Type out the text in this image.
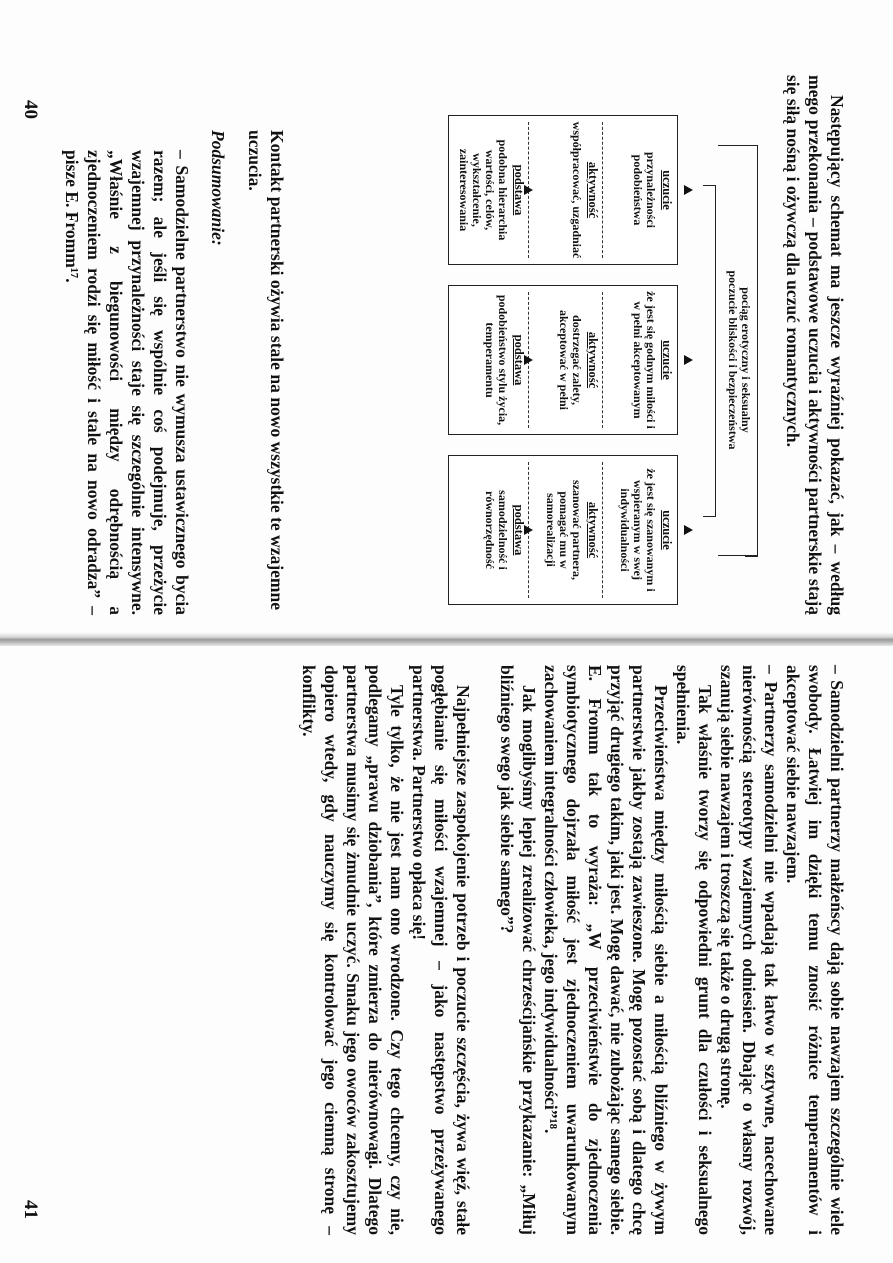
Następujący schemat ma jeszcze wyraźniej pokazać, jak – według mego przekonania – podstawowe uczucia i aktywności partnerskie stają się siłą nośną i ożywczą dla uczuć romantycznych.

pociąg erotyczny i seksualny
poczucie bliskości i bezpieczeństwa
uczucie
przynależności podobieństwa
aktywność
współpracować, uzgadniać
podstawa
podobna hierarchia wartości, celów, wykształcenie, zainteresowania
uczucie
że jest się godnym miłości i w pełni akceptowanym
aktywność
dostrzegać zalety, akceptować w pełni
podstawa
podobieństwo stylu życia, temperamentu
uczucie
że jest się szanowanym i wspieranym w swej indywidualności
aktywność
szanować partnera, pomagać mu w samorealizacji
podstawa
samodzielność i równorzędność

Kontakt partnerski ożywia stale na nowo wszystkie te wzajemne uczucia.

Podsumowanie:

– Samodzielne partnerstwo nie wymusza ustawicznego bycia razem; ale jeśli się wspólnie coś podejmuje, przeżycie wzajemnej przynależności staje się szczególnie intensywne. „Właśnie z biegunowości między odrębnością a zjednoczeniem rodzi się miłość i stale na nowo odradza” – pisze E. Fromm¹⁷.

40

– Samodzielni partnerzy małżeńscy dają sobie nawzajem szczególnie wiele swobody. Łatwiej im dzięki temu znosić różnice temperamentów i akceptować siebie nawzajem.

– Partnerzy samodzielni nie wpadają tak łatwo w sztywne, nacechowane nierównością stereotypy wzajemnych odniesień. Dbając o własny rozwój, szanują siebie nawzajem i troszczą się także o drugą stronę.

Tak właśnie tworzy się odpowiedni grunt dla czułości i seksualnego spełnienia.

Przeciwieństwa między miłością siebie a miłością bliźniego w żywym partnerstwie jakby zostają zawieszone. Mogę pozostać sobą i dlatego chcę przyjąć drugiego takim, jaki jest. Mogę dawać, nie zubożając samego siebie. E. Fromm tak to wyraża: „W przeciwieństwie do zjednoczenia symbiotycznego dojrzała miłość jest zjednoczeniem uwarunkowanym zachowaniem integralności człowieka, jego indywidualności”¹⁸.

Jak moglibyśmy lepiej zrealizować chrześcijańskie przykazanie: „Miłuj bliźniego swego jak siebie samego”?

Najpełniejsze zaspokojenie potrzeb i poczucie szczęścia, żywa więź, stałe pogłębianie się miłości wzajemnej – jako następstwo przeżywanego partnerstwa. Partnerstwo opłaca się!

Tyle tylko, że nie jest nam ono wrodzone. Czy tego chcemy, czy nie, podlegamy „prawu dziobania”, które zmierza do nierównowagi. Dlatego partnerstwa musimy się żmudnie uczyć. Smaku jego owoców zakosztujemy dopiero wtedy, gdy nauczymy się kontrolować jego ciemną stronę – konflikty.

41
